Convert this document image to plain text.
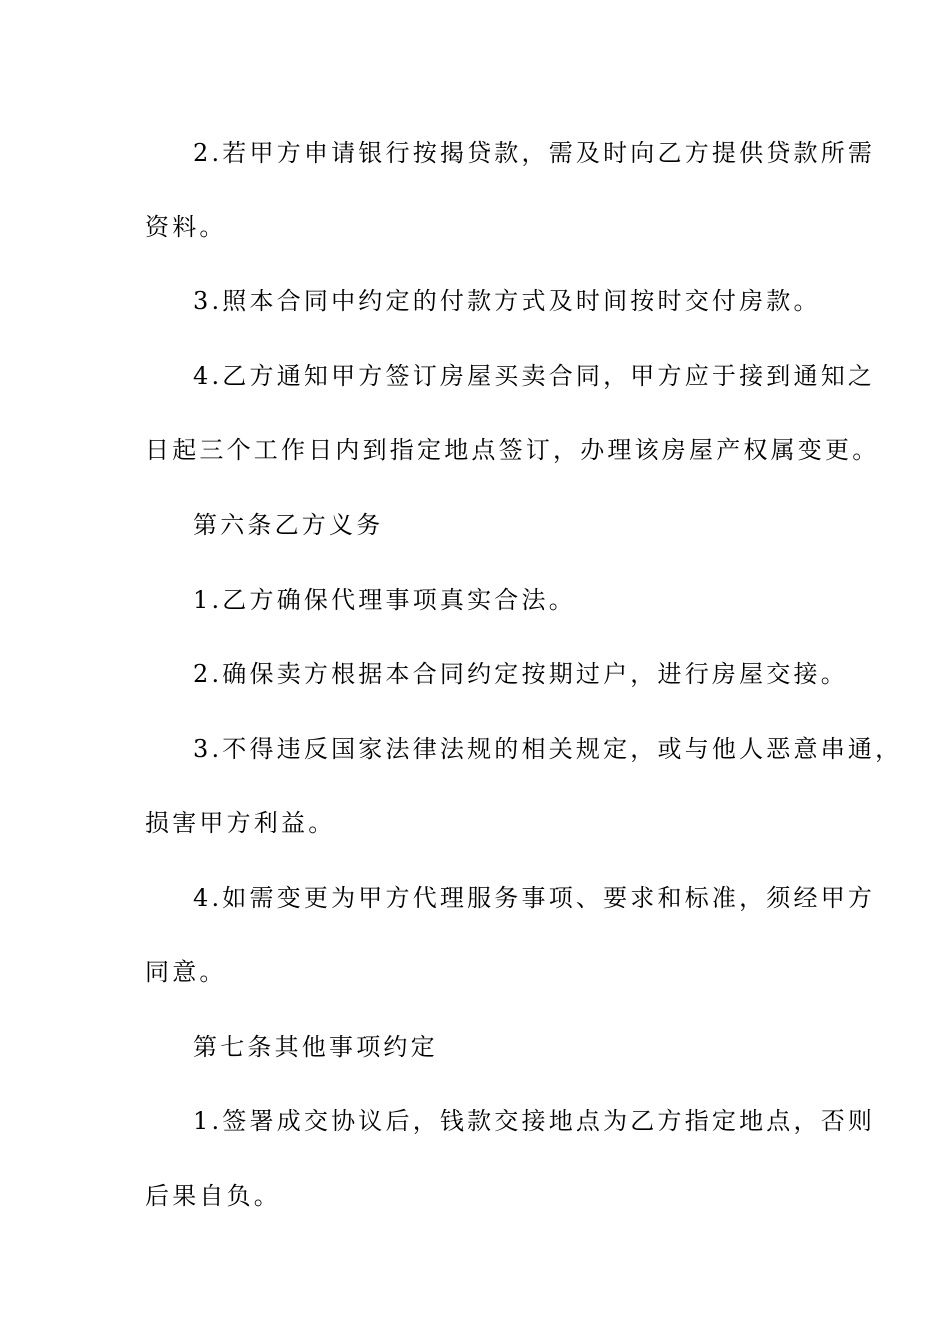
2.若甲方申请银行按揭贷款，需及时向乙方提供贷款所需
资料。
3.照本合同中约定的付款方式及时间按时交付房款。
4.乙方通知甲方签订房屋买卖合同，甲方应于接到通知之
日起三个工作日内到指定地点签订，办理该房屋产权属变更。
第六条乙方义务
1.乙方确保代理事项真实合法。
2.确保卖方根据本合同约定按期过户，进行房屋交接。
3.不得违反国家法律法规的相关规定，或与他人恶意串通，
损害甲方利益。
4.如需变更为甲方代理服务事项、要求和标准，须经甲方
同意。
第七条其他事项约定
1.签署成交协议后，钱款交接地点为乙方指定地点，否则
后果自负。
